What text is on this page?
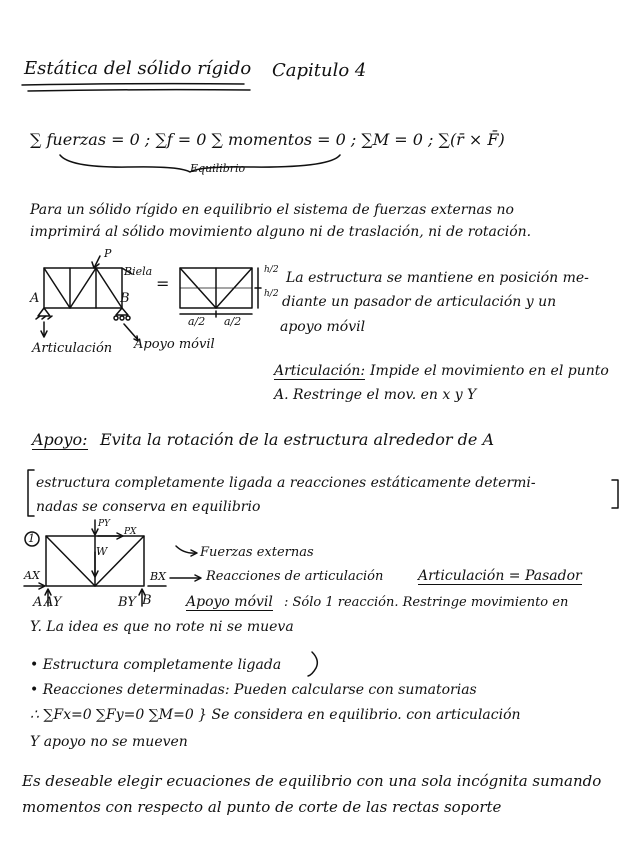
Estática del sólido rígido Capitulo 4
∑ fuerzas = 0 ; ∑f = 0 ∑ momentos = 0 ; ∑M = 0 ; ∑(r̄ × F̄)
Equilibrio
Para un sólido rígido en equilibrio el sistema de fuerzas externas no
imprimirá al sólido movimiento alguno ni de traslación, ni de rotación.
P
Biela
=
A	B
Articulación Apoyo móvil
h/2
h/2
a/2 a/2
La estructura se mantiene en posición me-
diante un pasador de articulación y un
apoyo móvil
Articulación: Impide el movimiento en el punto
A. Restringe el mov. en x y Y
Apoyo: Evita la rotación de la estructura alrededor de A
estructura completamente ligada a reacciones estáticamente determi-
nadas se conserva en equilibrio
1
PY
PX
W
AX
AY
A
BX
BY B
Fuerzas externas
Reacciones de articulación Articulación = Pasador
Apoyo móvil : Sólo 1 reacción. Restringe movimiento en
Y. La idea es que no rote ni se mueva
• Estructura completamente ligada
• Reacciones determinadas: Pueden calcularse con sumatorias
∴ ∑Fx=0 ∑Fy=0 ∑M=0 } Se considera en equilibrio. con articulación
Y apoyo no se mueven
Es deseable elegir ecuaciones de equilibrio con una sola incógnita sumando
momentos con respecto al punto de corte de las rectas soporte
